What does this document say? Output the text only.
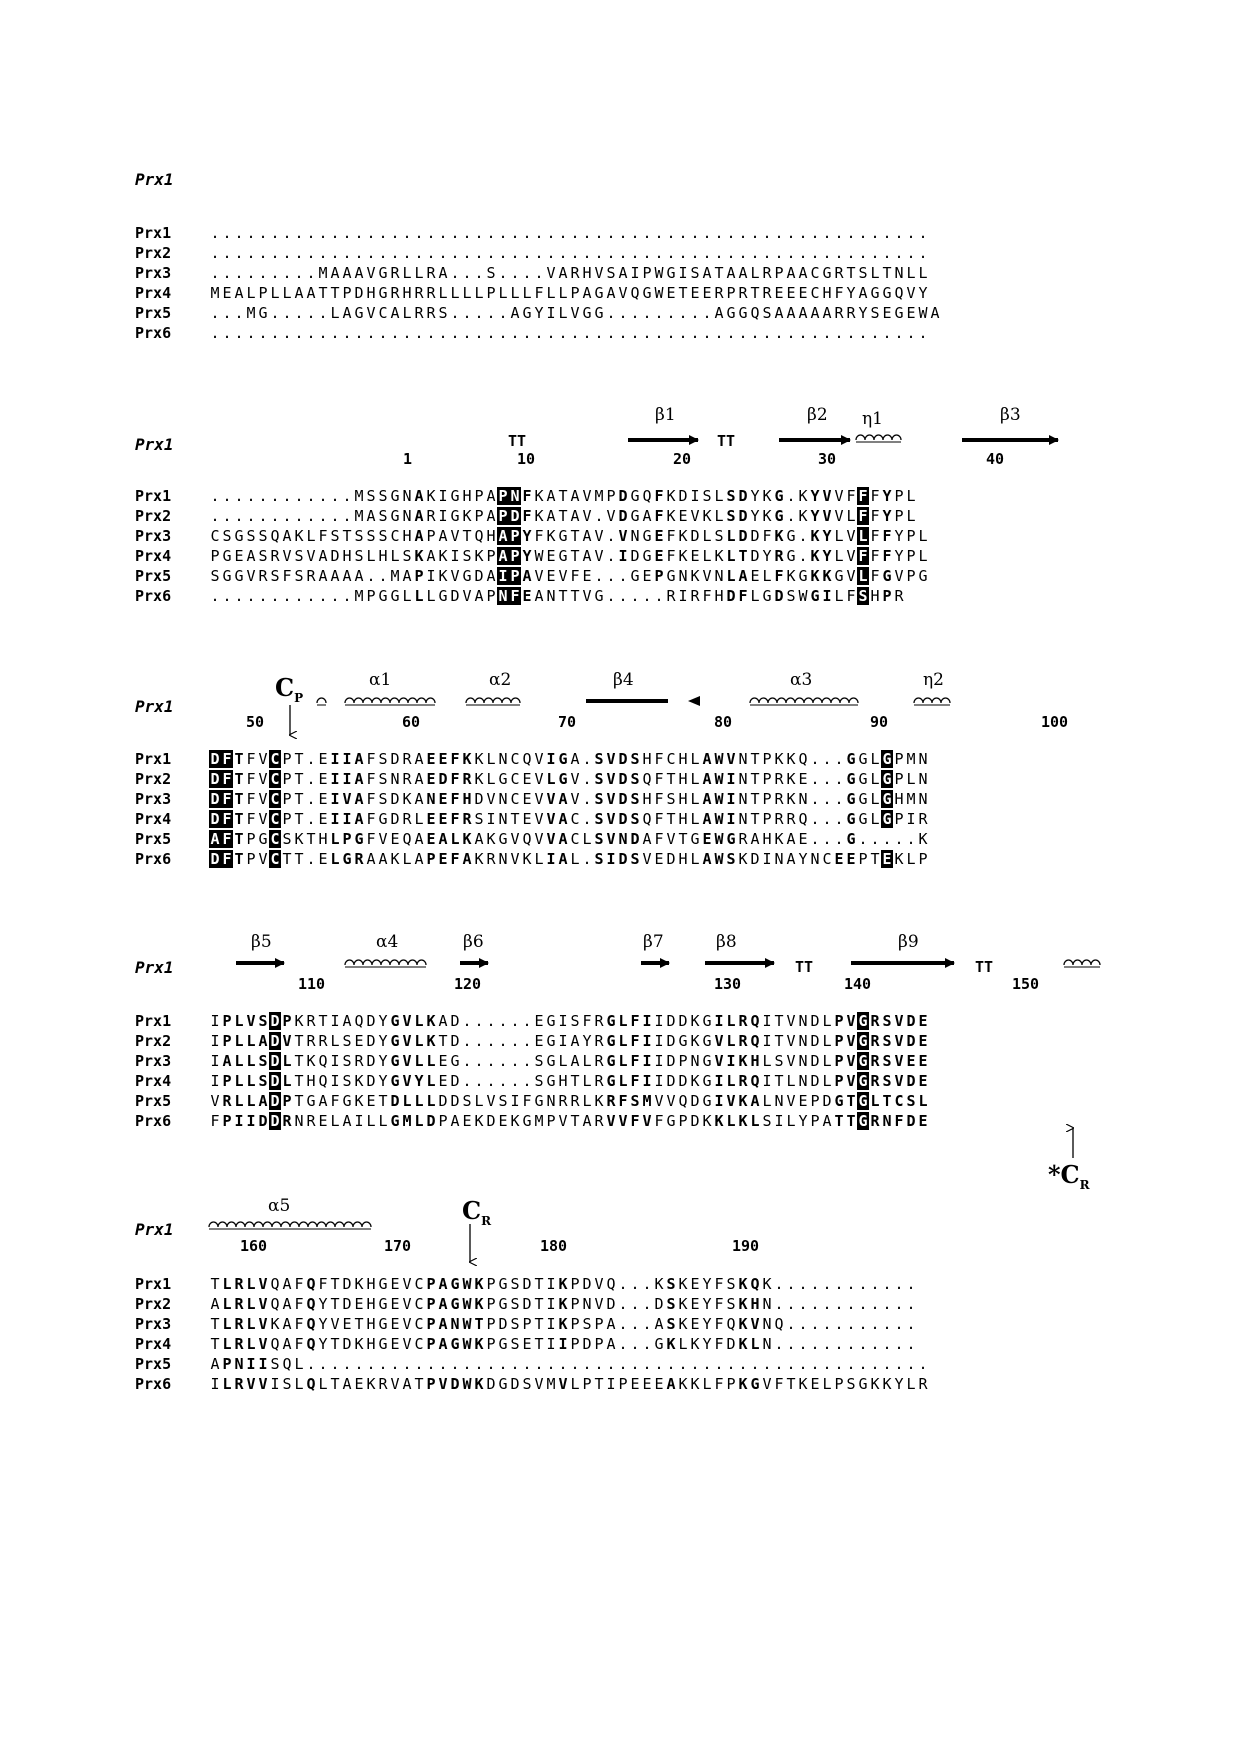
Prx1
Prx1	. . . . . . . . . . . . . . . . . . . . . . . . . . . . . . . . . . . . . . . . . . . . . . . . . . . . . . . . . . . .
Prx2	. . . . . . . . . . . . . . . . . . . . . . . . . . . . . . . . . . . . . . . . . . . . . . . . . . . . . . . . . . . .
Prx3	. . . . . . . . . M A A A V G R L L R A . . . S . . . . V A R H V S A I P W G I S A T A A L R P A A C G R T S L T N L L
Prx4	M E A L P L L A A T T P D H G R H R R L L L L P L L L F L L P A G A V Q G W E T E E R P R T R E E E C H F Y A G G Q V Y
Prx5	. . . M G . . . . . L A G V C A L R R S . . . . . A G Y I L V G G . . . . . . . . . A G G Q S A A A A A R R Y S E G E W A
Prx6	. . . . . . . . . . . . . . . . . . . . . . . . . . . . . . . . . . . . . . . . . . . . . . . . . . . . . . . . . . . .
Prx1
Prx1	. . . . . . . . . . . . M S S G N A K I G H P A P N F K A T A V M P D G Q F K D I S L S D Y K G . K Y V V F F F Y P L
Prx2	. . . . . . . . . . . . M A S G N A R I G K P A P D F K A T A V . V D G A F K E V K L S D Y K G . K Y V V L F F Y P L
Prx3	C S G S S Q A K L F S T S S S C H A P A V T Q H A P Y F K G T A V . V N G E F K D L S L D D F K G . K Y L V L F F Y P L
Prx4	P G E A S R V S V A D H S L H L S K A K I S K P A P Y W E G T A V . I D G E F K E L K L T D Y R G . K Y L V F F F Y P L
Prx5	S G G V R S F S R A A A A . . M A P I K V G D A I P A V E V F E . . . G E P G N K V N L A E L F K G K K G V L F G V P G
Prx6	. . . . . . . . . . . . M P G G L L L G D V A P N F E A N T T V G . . . . . R I R F H D F L G D S W G I L F S H P R
Prx1
Prx1	D F T F V C P T . E I I A F S D R A E E F K K L N C Q V I G A . S V D S H F C H L A W V N T P K K Q . . . G G L G P M N
Prx2	D F T F V C P T . E I I A F S N R A E D F R K L G C E V L G V . S V D S Q F T H L A W I N T P R K E . . . G G L G P L N
Prx3	D F T F V C P T . E I V A F S D K A N E F H D V N C E V V A V . S V D S H F S H L A W I N T P R K N . . . G G L G H M N
Prx4	D F T F V C P T . E I I A F G D R L E E F R S I N T E V V A C . S V D S Q F T H L A W I N T P R R Q . . . G G L G P I R
Prx5	A F T P G C S K T H L P G F V E Q A E A L K A K G V Q V V A C L S V N D A F V T G E W G R A H K A E . . . G . . . . . K
Prx6	D F T P V C T T . E L G R A A K L A P E F A K R N V K L I A L . S I D S V E D H L A W S K D I N A Y N C E E P T E K L P
Prx1
Prx1	I P L V S D P K R T I A Q D Y G V L K A D . . . . . . E G I S F R G L F I I D D K G I L R Q I T V N D L P V G R S V D E
Prx2	I P L L A D V T R R L S E D Y G V L K T D . . . . . . E G I A Y R G L F I I D G K G V L R Q I T V N D L P V G R S V D E
Prx3	I A L L S D L T K Q I S R D Y G V L L E G . . . . . . S G L A L R G L F I I D P N G V I K H L S V N D L P V G R S V E E
Prx4	I P L L S D L T H Q I S K D Y G V Y L E D . . . . . . S G H T L R G L F I I D D K G I L R Q I T L N D L P V G R S V D E
Prx5	V R L L A D P T G A F G K E T D L L L D D S L V S I F G N R R L K R F S M V V Q D G I V K A L N V E P D G T G L T C S L
Prx6	F P I I D D R N R E L A I L L G M L D P A E K D E K G M P V T A R V V F V F G P D K K L K L S I L Y P A T T G R N F D E
Prx1
Prx1	T L R L V Q A F Q F T D K H G E V C P A G W K P G S D T I K P D V Q . . . K S K E Y F S K Q K . . . . . . . . . . . .
Prx2	A L R L V Q A F Q Y T D E H G E V C P A G W K P G S D T I K P N V D . . . D S K E Y F S K H N . . . . . . . . . . . .
Prx3	T L R L V K A F Q Y V E T H G E V C P A N W T P D S P T I K P S P A . . . A S K E Y F Q K V N Q . . . . . . . . . . .
Prx4	T L R L V Q A F Q Y T D K H G E V C P A G W K P G S E T I I P D P A . . . G K L K Y F D K L N . . . . . . . . . . . .
Prx5	A P N I I S Q L . . . . . . . . . . . . . . . . . . . . . . . . . . . . . . . . . . . . . . . . . . . . . . . . . . . .
Prx6	I L R V V I S L Q L T A E K R V A T P V D W K D G D S V M V L P T I P E E E A K K L F P K G V F T K E L P S G K K Y L R
TT	TT
β1	β2 η1	β3
1	10	20	30	40
$C_P$
α1	α2	β4	α3	η2
50	60	70	80	90	100
β5	α4	β6	β7	β8	β9
TT	TT
110	120	130	140	150
$*C_R$
α5	$C_R$
160	170	180	190
